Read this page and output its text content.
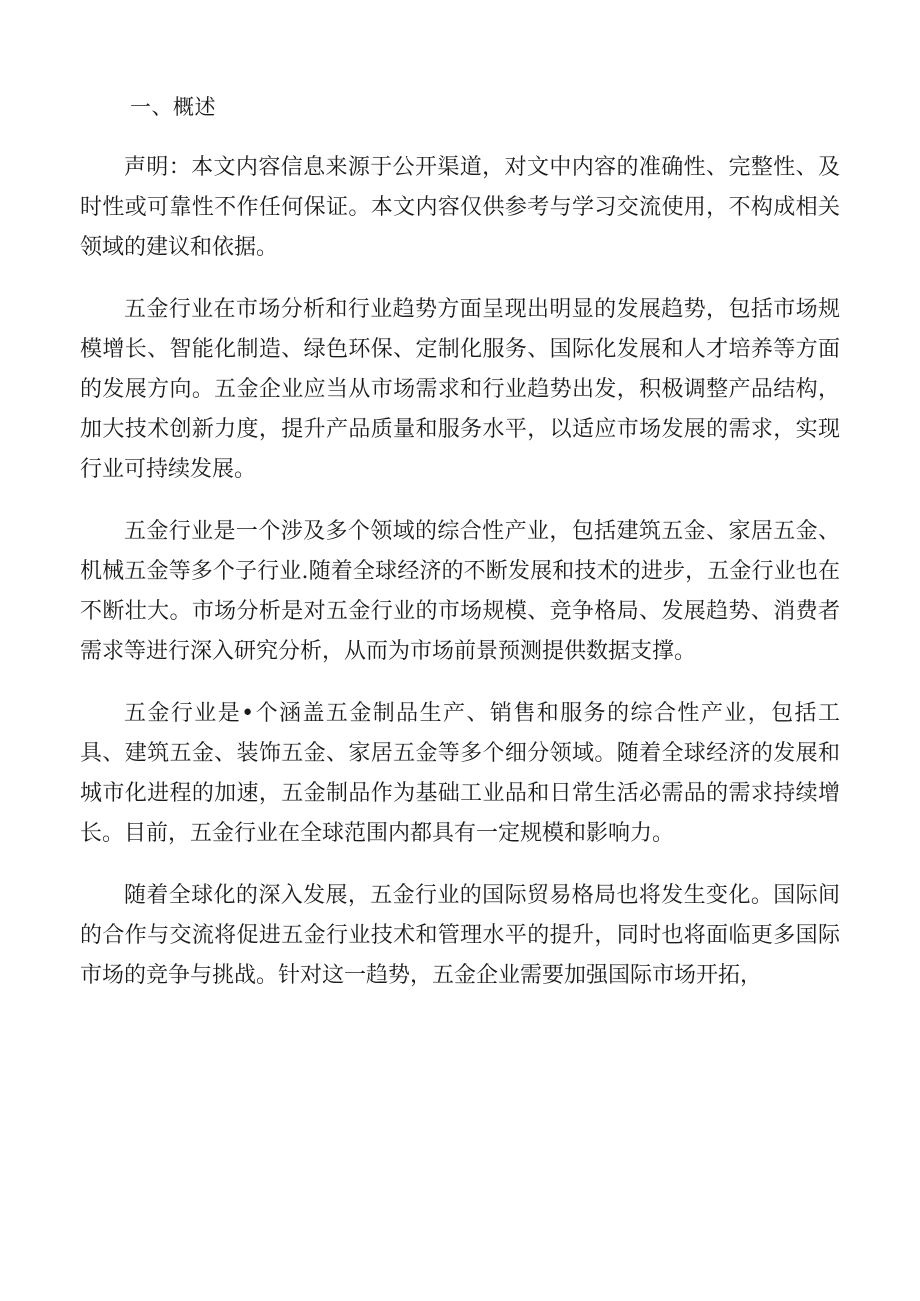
一、概述

声明：本文内容信息来源于公开渠道，对文中内容的准确性、完整性、及时性或可靠性不作任何保证。本文内容仅供参考与学习交流使用，不构成相关领域的建议和依据。

五金行业在市场分析和行业趋势方面呈现出明显的发展趋势，包括市场规模增长、智能化制造、绿色环保、定制化服务、国际化发展和人才培养等方面的发展方向。五金企业应当从市场需求和行业趋势出发，积极调整产品结构，加大技术创新力度，提升产品质量和服务水平，以适应市场发展的需求，实现行业可持续发展。

五金行业是一个涉及多个领域的综合性产业，包括建筑五金、家居五金、机械五金等多个子行业.随着全球经济的不断发展和技术的进步，五金行业也在不断壮大。市场分析是对五金行业的市场规模、竞争格局、发展趋势、消费者需求等进行深入研究分析，从而为市场前景预测提供数据支撑。

五金行业是•个涵盖五金制品生产、销售和服务的综合性产业，包括工具、建筑五金、装饰五金、家居五金等多个细分领域。随着全球经济的发展和城市化进程的加速，五金制品作为基础工业品和日常生活必需品的需求持续增长。目前，五金行业在全球范围内都具有一定规模和影响力。

随着全球化的深入发展，五金行业的国际贸易格局也将发生变化。国际间的合作与交流将促进五金行业技术和管理水平的提升，同时也将面临更多国际市场的竞争与挑战。针对这一趋势，五金企业需要加强国际市场开拓，
